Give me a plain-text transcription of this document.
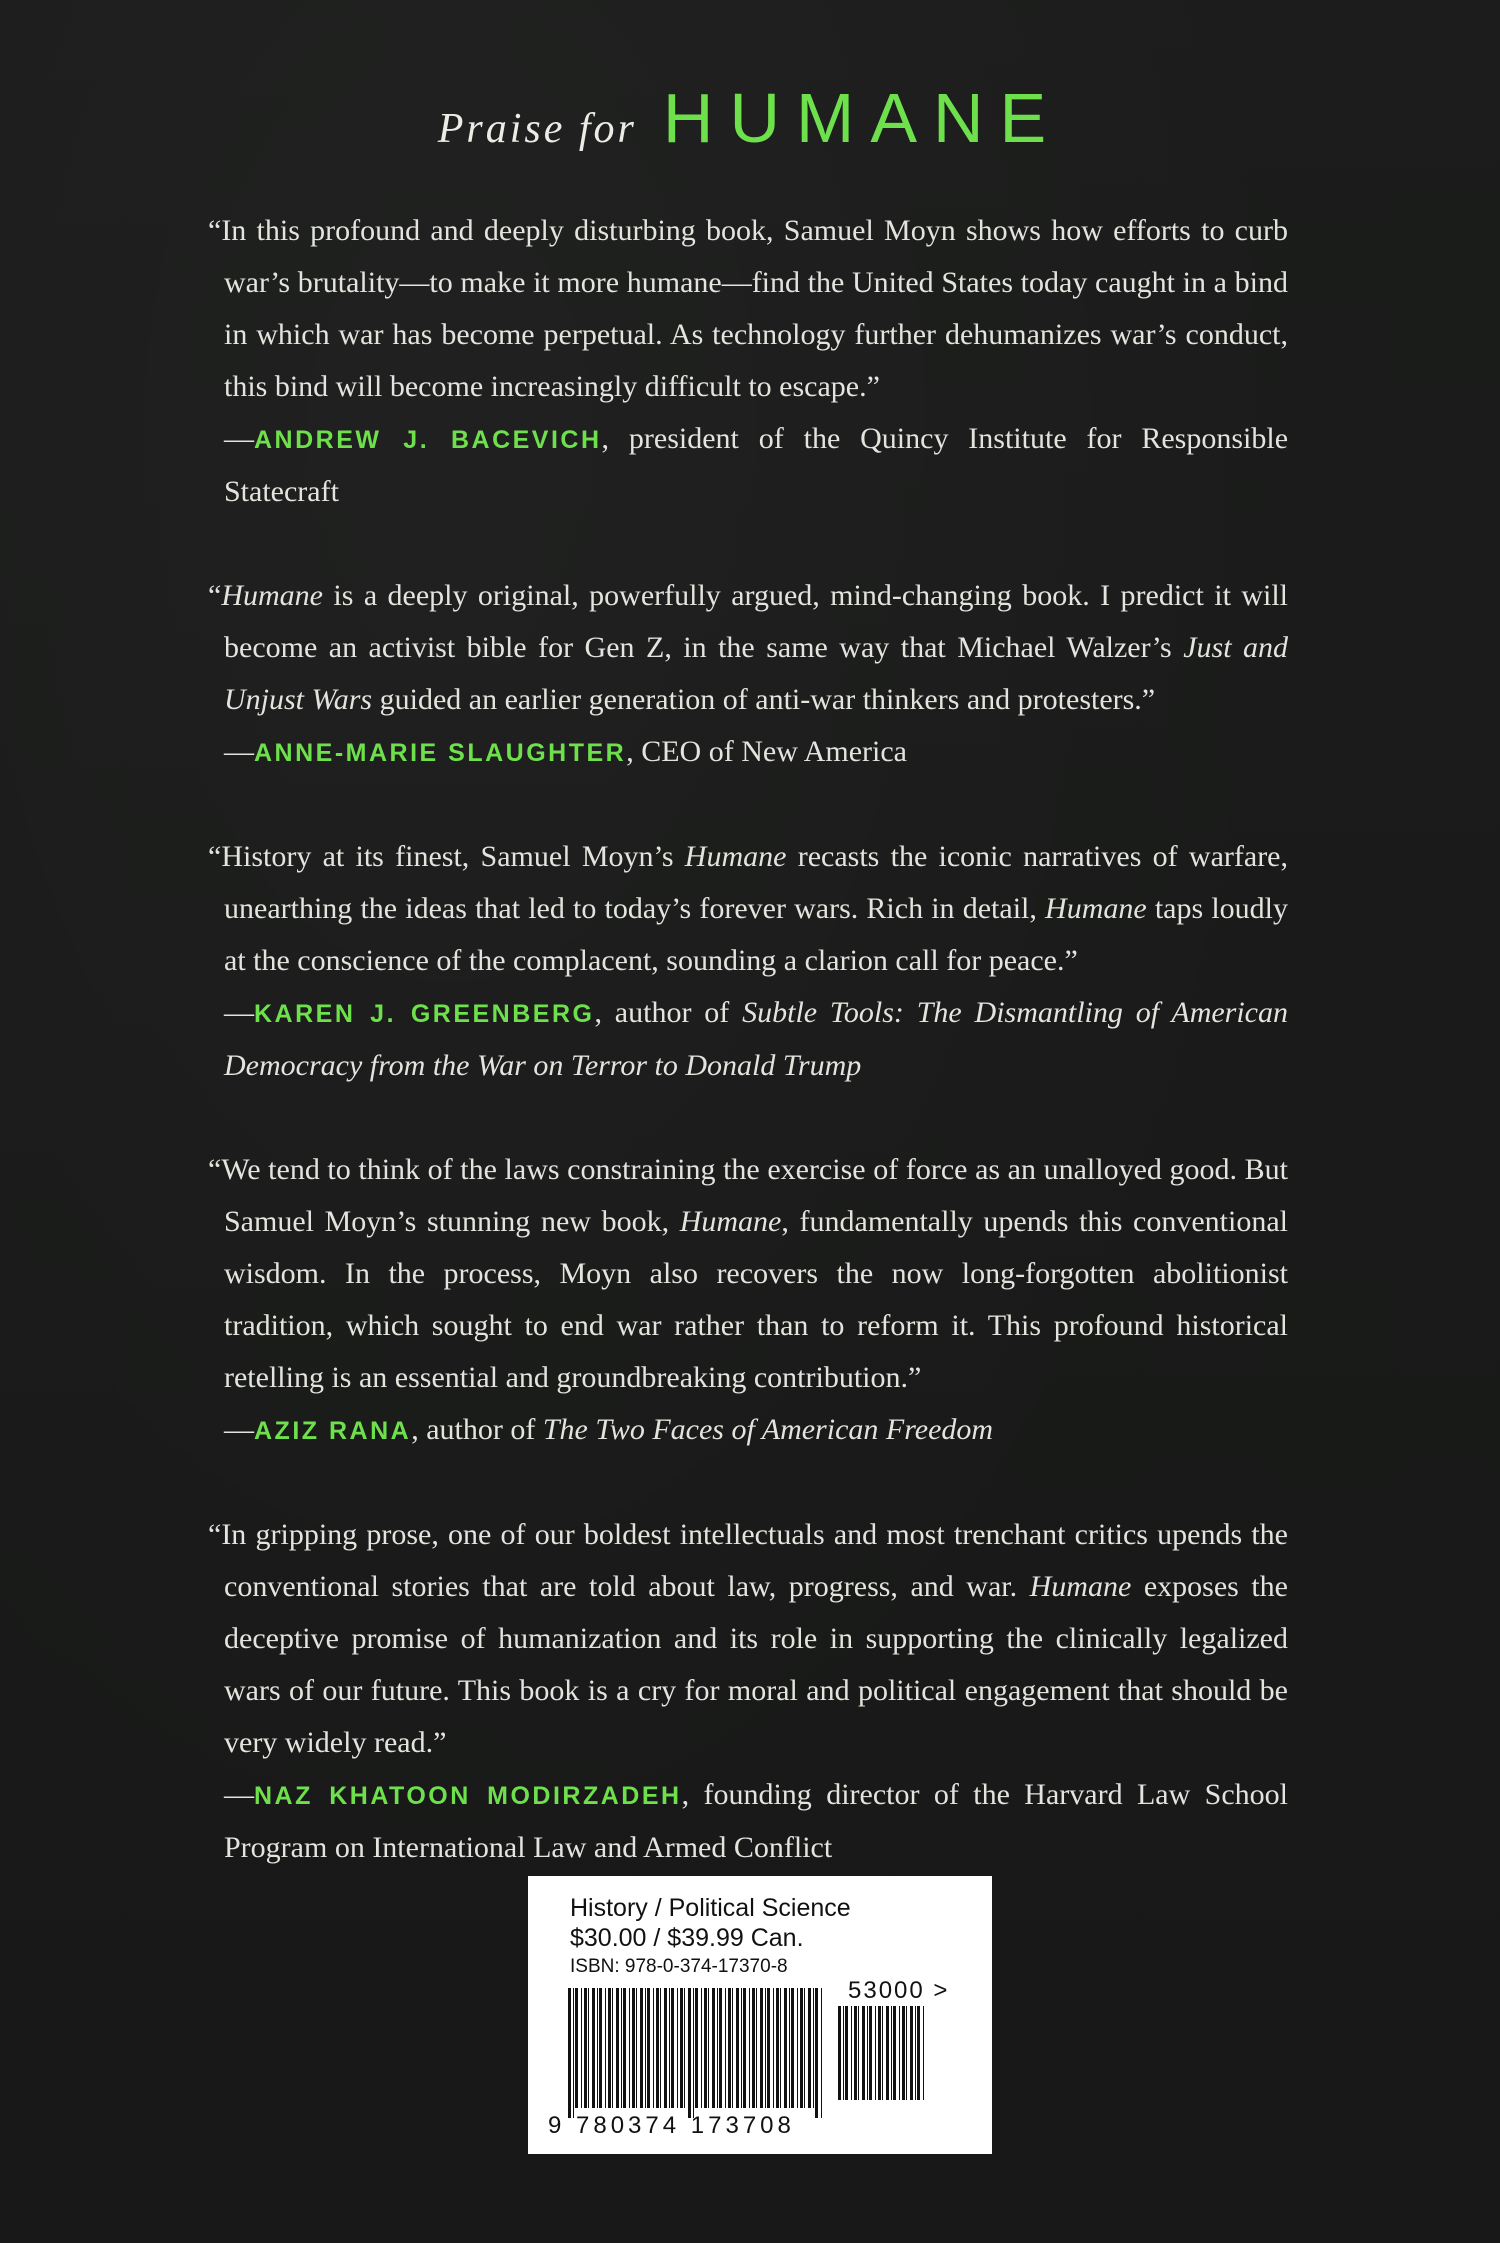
Praise for HUMANE
“In this profound and deeply disturbing book, Samuel Moyn shows how efforts to curb war’s brutality—to make it more humane—find the United States today caught in a bind in which war has become perpetual. As technology further dehumanizes war’s conduct, this bind will become increasingly difficult to escape.”
—ANDREW J. BACEVICH, president of the Quincy Institute for Responsible Statecraft
“Humane is a deeply original, powerfully argued, mind-changing book. I predict it will become an activist bible for Gen Z, in the same way that Michael Walzer’s Just and Unjust Wars guided an earlier generation of anti-war thinkers and protesters.”
—ANNE-MARIE SLAUGHTER, CEO of New America
“History at its finest, Samuel Moyn’s Humane recasts the iconic narratives of warfare, unearthing the ideas that led to today’s forever wars. Rich in detail, Humane taps loudly at the conscience of the complacent, sounding a clarion call for peace.”
—KAREN J. GREENBERG, author of Subtle Tools: The Dismantling of American Democracy from the War on Terror to Donald Trump
“We tend to think of the laws constraining the exercise of force as an unalloyed good. But Samuel Moyn’s stunning new book, Humane, fundamentally upends this conventional wisdom. In the process, Moyn also recovers the now long-forgotten abolitionist tradition, which sought to end war rather than to reform it. This profound historical retelling is an essential and groundbreaking contribution.”
—AZIZ RANA, author of The Two Faces of American Freedom
“In gripping prose, one of our boldest intellectuals and most trenchant critics upends the conventional stories that are told about law, progress, and war. Humane exposes the deceptive promise of humanization and its role in supporting the clinically legalized wars of our future. This book is a cry for moral and political engagement that should be very widely read.”
—NAZ KHATOON MODIRZADEH, founding director of the Harvard Law School Program on International Law and Armed Conflict
History / Political Science
$30.00 / $39.99 Can.
ISBN: 978-0-374-17370-8
53000 >
9 780374 173708
